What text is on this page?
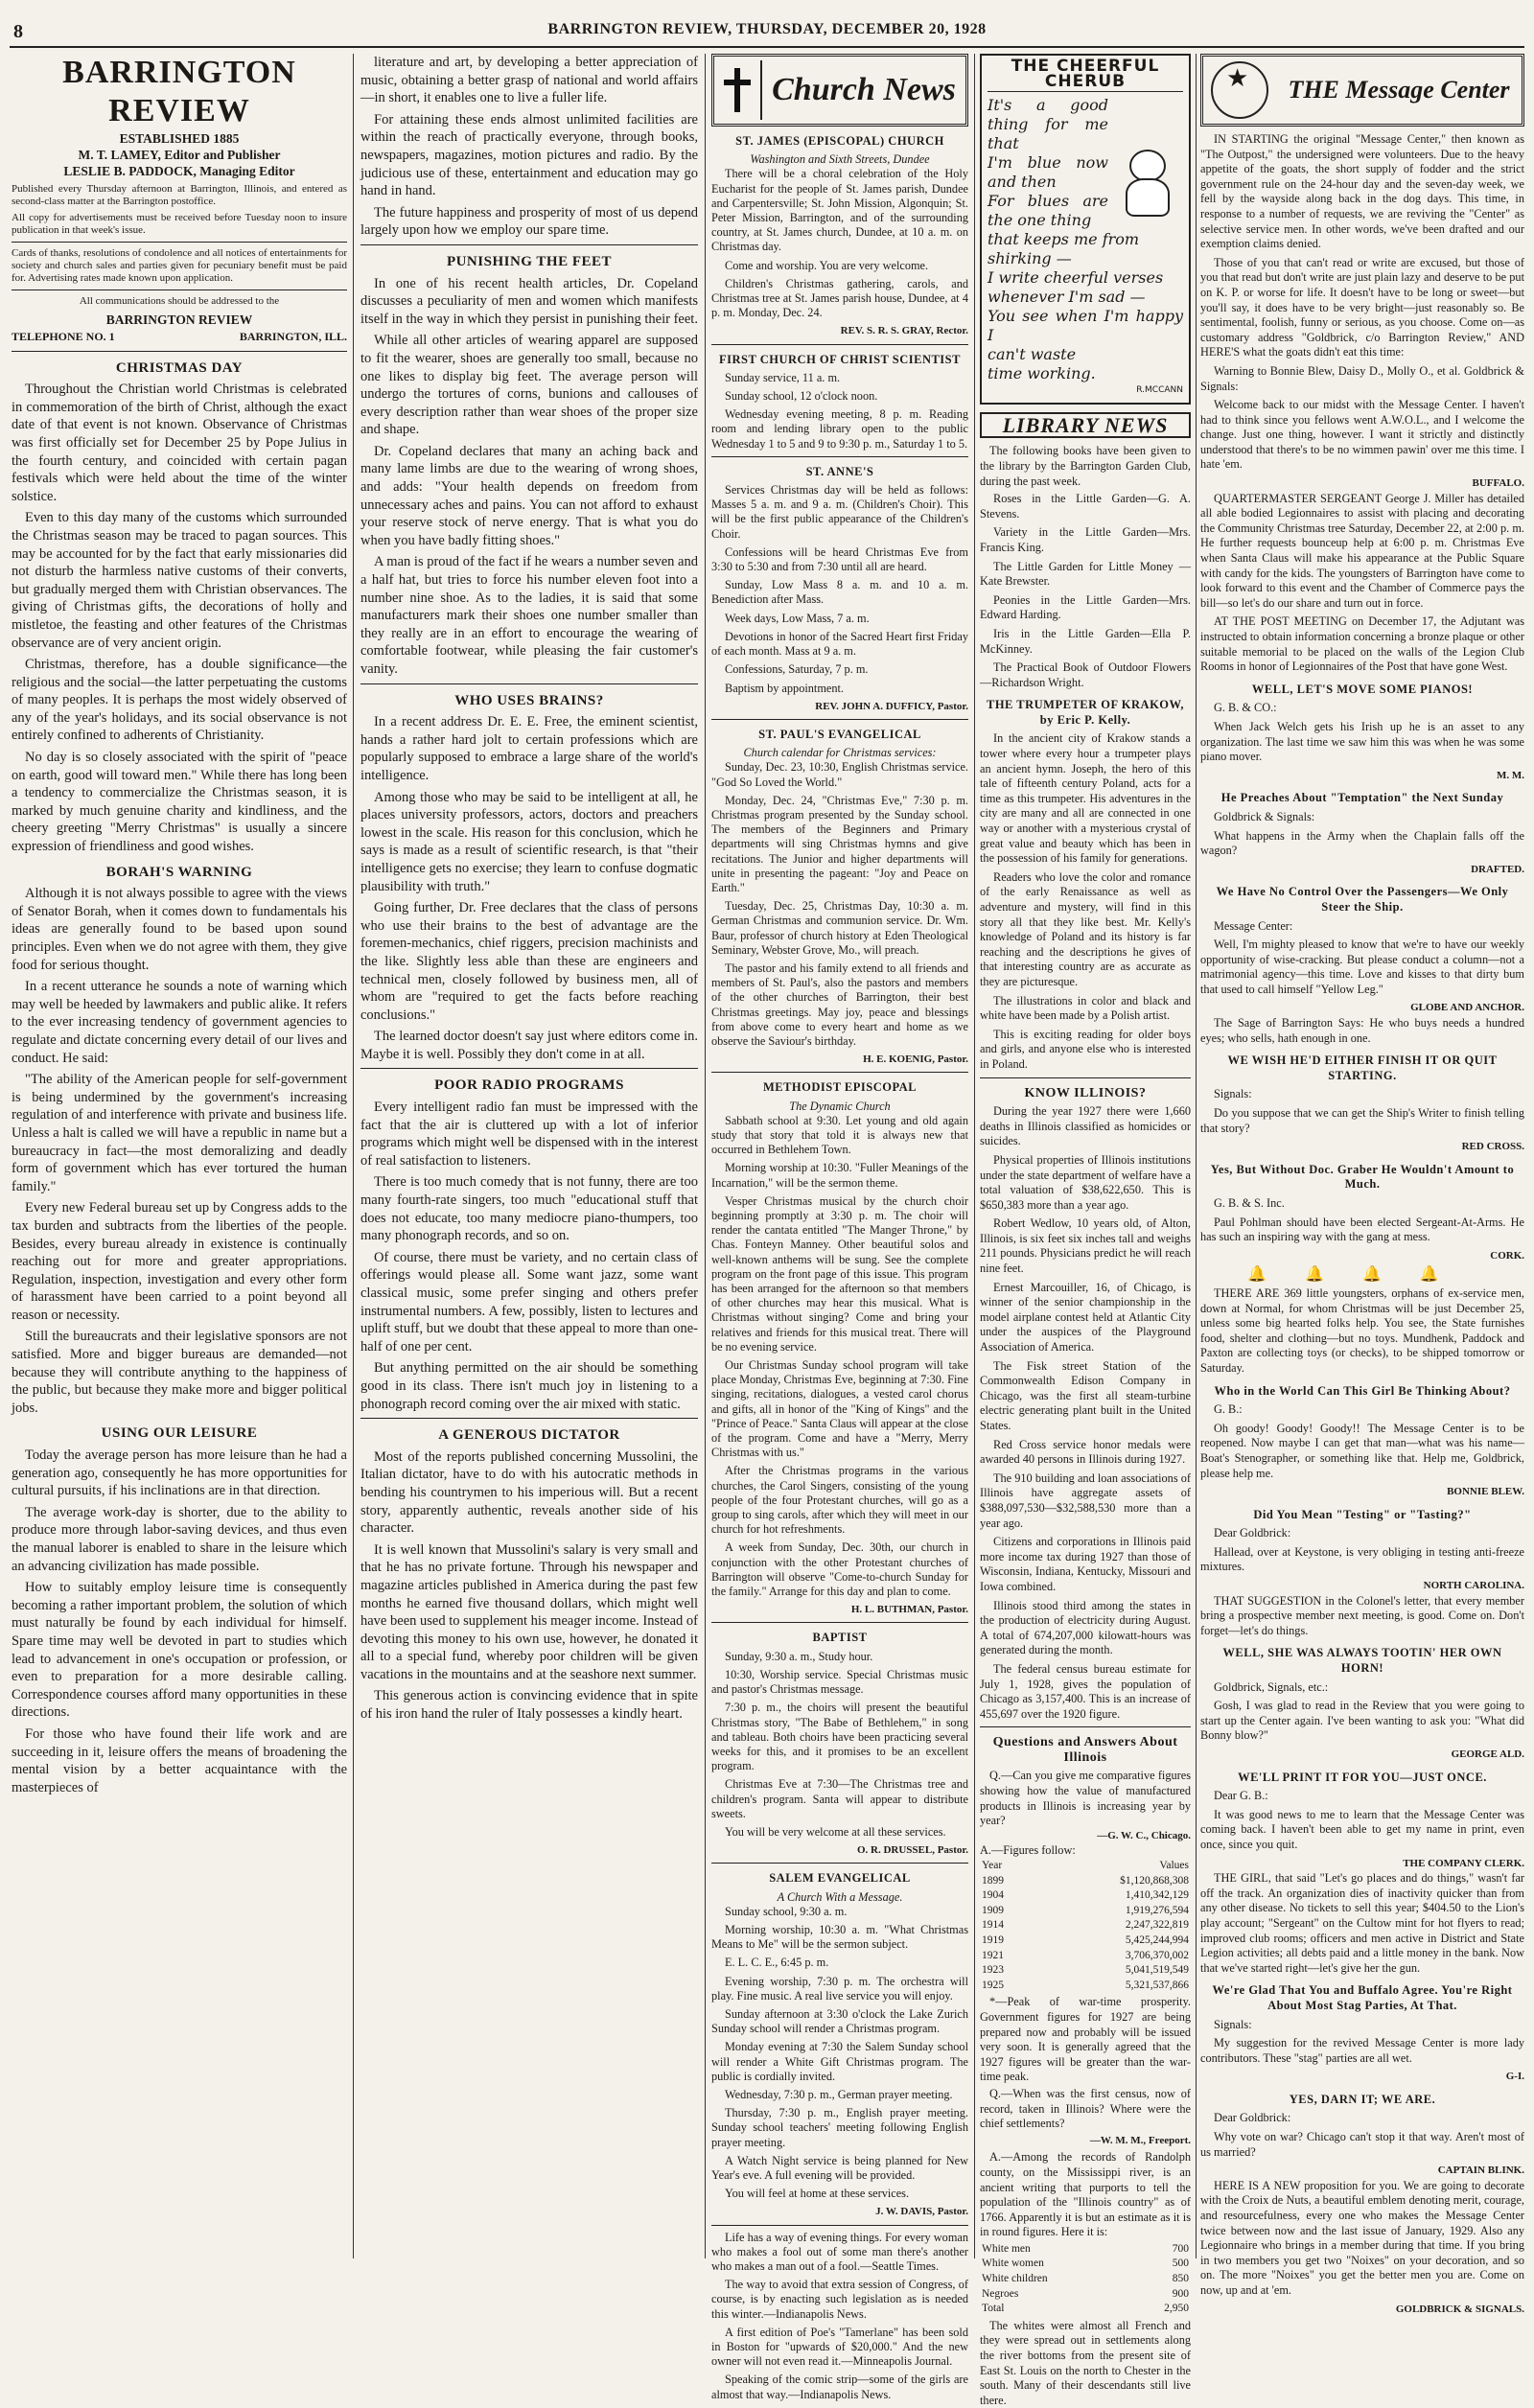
8	BARRINGTON REVIEW, THURSDAY, DECEMBER 20, 1928
BARRINGTON REVIEW
ESTABLISHED 1885
M. T. LAMEY, Editor and Publisher
LESLIE B. PADDOCK, Managing Editor
Published every Thursday afternoon at Barrington, Illinois, and entered as second-class matter at the Barrington postoffice.
All copy for advertisements must be received before Tuesday noon to insure publication in that week's issue.
Cards of thanks, resolutions of condolence and all notices of entertainments for society and church sales and parties given for pecuniary benefit must be paid for. Advertising rates made known upon application.
All communications should be addressed to the
BARRINGTON REVIEW
TELEPHONE NO. 1	BARRINGTON, ILL.
CHRISTMAS DAY

Throughout the Christian world Christmas is celebrated in commemoration of the birth of Christ, although the exact date of that event is not known. Observance of Christmas was first officially set for December 25 by Pope Julius in the fourth century, and coincided with certain pagan festivals which were held about the time of the winter solstice.

Even to this day many of the customs which surrounded the Christmas season may be traced to pagan sources. This may be accounted for by the fact that early missionaries did not disturb the harmless native customs of their converts, but gradually merged them with Christian observances. The giving of Christmas gifts, the decorations of holly and mistletoe, the feasting and other features of the Christmas observance are of very ancient origin.

Christmas, therefore, has a double significance—the religious and the social—the latter perpetuating the customs of many peoples. It is perhaps the most widely observed of any of the year's holidays, and its social observance is not entirely confined to adherents of Christianity.

No day is so closely associated with the spirit of "peace on earth, good will toward men." While there has long been a tendency to commercialize the Christmas season, it is marked by much genuine charity and kindliness, and the cheery greeting "Merry Christmas" is usually a sincere expression of friendliness and good wishes.

BORAH'S WARNING

Although it is not always possible to agree with the views of Senator Borah, when it comes down to fundamentals his ideas are generally found to be based upon sound principles. Even when we do not agree with them, they give food for serious thought.

In a recent utterance he sounds a note of warning which may well be heeded by lawmakers and public alike. It refers to the ever increasing tendency of government agencies to regulate and dictate concerning every detail of our lives and conduct. He said:

"The ability of the American people for self-government is being undermined by the government's increasing regulation of and interference with private and business life. Unless a halt is called we will have a republic in name but a bureaucracy in fact—the most demoralizing and deadly form of government which has ever tortured the human family."

Every new Federal bureau set up by Congress adds to the tax burden and subtracts from the liberties of the people. Besides, every bureau already in existence is continually reaching out for more and greater appropriations. Regulation, inspection, investigation and every other form of harassment have been carried to a point beyond all reason or necessity.

Still the bureaucrats and their legislative sponsors are not satisfied. More and bigger bureaus are demanded—not because they will contribute anything to the happiness of the public, but because they make more and bigger political jobs.

USING OUR LEISURE

Today the average person has more leisure than he had a generation ago, consequently he has more opportunities for cultural pursuits, if his inclinations are in that direction.

The average work-day is shorter, due to the ability to produce more through labor-saving devices, and thus even the manual laborer is enabled to share in the leisure which an advancing civilization has made possible.

How to suitably employ leisure time is consequently becoming a rather important problem, the solution of which must naturally be found by each individual for himself. Spare time may well be devoted in part to studies which lead to advancement in one's occupation or profession, or even to preparation for a more desirable calling. Correspondence courses afford many opportunities in these directions.

For those who have found their life work and are succeeding in it, leisure offers the means of broadening the mental vision by a better acquaintance with the masterpieces of

literature and art, by developing a better appreciation of music, obtaining a better grasp of national and world affairs—in short, it enables one to live a fuller life.

For attaining these ends almost unlimited facilities are within the reach of practically everyone, through books, newspapers, magazines, motion pictures and radio. By the judicious use of these, entertainment and education may go hand in hand.

The future happiness and prosperity of most of us depend largely upon how we employ our spare time.

PUNISHING THE FEET

In one of his recent health articles, Dr. Copeland discusses a peculiarity of men and women which manifests itself in the way in which they persist in punishing their feet.

While all other articles of wearing apparel are supposed to fit the wearer, shoes are generally too small, because no one likes to display big feet. The average person will undergo the tortures of corns, bunions and callouses of every description rather than wear shoes of the proper size and shape.

Dr. Copeland declares that many an aching back and many lame limbs are due to the wearing of wrong shoes, and adds: "Your health depends on freedom from unnecessary aches and pains. You can not afford to exhaust your reserve stock of nerve energy. That is what you do when you have badly fitting shoes."

A man is proud of the fact if he wears a number seven and a half hat, but tries to force his number eleven foot into a number nine shoe. As to the ladies, it is said that some manufacturers mark their shoes one number smaller than they really are in an effort to encourage the wearing of comfortable footwear, while pleasing the fair customer's vanity.

WHO USES BRAINS?

In a recent address Dr. E. E. Free, the eminent scientist, hands a rather hard jolt to certain professions which are popularly supposed to embrace a large share of the world's intelligence.

Among those who may be said to be intelligent at all, he places university professors, actors, doctors and preachers lowest in the scale. His reason for this conclusion, which he says is made as a result of scientific research, is that "their intelligence gets no exercise; they learn to confuse dogmatic plausibility with truth."

Going further, Dr. Free declares that the class of persons who use their brains to the best of advantage are the foremen-mechanics, chief riggers, precision machinists and the like. Slightly less able than these are engineers and technical men, closely followed by business men, all of whom are "required to get the facts before reaching conclusions."

The learned doctor doesn't say just where editors come in. Maybe it is well. Possibly they don't come in at all.

POOR RADIO PROGRAMS

Every intelligent radio fan must be impressed with the fact that the air is cluttered up with a lot of inferior programs which might well be dispensed with in the interest of real satisfaction to listeners.

There is too much comedy that is not funny, there are too many fourth-rate singers, too much "educational stuff that does not educate, too many mediocre piano-thumpers, too many phonograph records, and so on.

Of course, there must be variety, and no certain class of offerings would please all. Some want jazz, some want classical music, some prefer singing and others prefer instrumental numbers. A few, possibly, listen to lectures and uplift stuff, but we doubt that these appeal to more than one-half of one per cent.

But anything permitted on the air should be something good in its class. There isn't much joy in listening to a phonograph record coming over the air mixed with static.

A GENEROUS DICTATOR

Most of the reports published concerning Mussolini, the Italian dictator, have to do with his autocratic methods in bending his countrymen to his imperious will. But a recent story, apparently authentic, reveals another side of his character.

It is well known that Mussolini's salary is very small and that he has no private fortune. Through his newspaper and magazine articles published in America during the past few months he earned five thousand dollars, which might well have been used to supplement his meager income. Instead of devoting this money to his own use, however, he donated it all to a special fund, whereby poor children will be given vacations in the mountains and at the seashore next summer.

This generous action is convincing evidence that in spite of his iron hand the ruler of Italy possesses a kindly heart.

Church News
ST. JAMES (EPISCOPAL) CHURCH
Washington and Sixth Streets, Dundee

There will be a choral celebration of the Holy Eucharist for the people of St. James parish, Dundee and Carpentersville; St. John Mission, Algonquin; St. Peter Mission, Barrington, and of the surrounding country, at St. James church, Dundee, at 10 a. m. on Christmas day.

Come and worship. You are very welcome.

Children's Christmas gathering, carols, and Christmas tree at St. James parish house, Dundee, at 4 p. m. Monday, Dec. 24.

REV. S. R. S. GRAY, Rector.
FIRST CHURCH OF CHRIST SCIENTIST

Sunday service, 11 a. m.

Sunday school, 12 o'clock noon.

Wednesday evening meeting, 8 p. m. Reading room and lending library open to the public Wednesday 1 to 5 and 9 to 9:30 p. m., Saturday 1 to 5.

ST. ANNE'S

Services Christmas day will be held as follows: Masses 5 a. m. and 9 a. m. (Children's Choir). This will be the first public appearance of the Children's Choir.

Confessions will be heard Christmas Eve from 3:30 to 5:30 and from 7:30 until all are heard.

Sunday, Low Mass 8 a. m. and 10 a. m. Benediction after Mass.

Week days, Low Mass, 7 a. m.

Devotions in honor of the Sacred Heart first Friday of each month. Mass at 9 a. m.

Confessions, Saturday, 7 p. m.

Baptism by appointment.

REV. JOHN A. DUFFICY, Pastor.
ST. PAUL'S EVANGELICAL
Church calendar for Christmas services:

Sunday, Dec. 23, 10:30, English Christmas service. "God So Loved the World."

Monday, Dec. 24, "Christmas Eve," 7:30 p. m. Christmas program presented by the Sunday school. The members of the Beginners and Primary departments will sing Christmas hymns and give recitations. The Junior and higher departments will unite in presenting the pageant: "Joy and Peace on Earth."

Tuesday, Dec. 25, Christmas Day, 10:30 a. m. German Christmas and communion service. Dr. Wm. Baur, professor of church history at Eden Theological Seminary, Webster Grove, Mo., will preach.

The pastor and his family extend to all friends and members of St. Paul's, also the pastors and members of the other churches of Barrington, their best Christmas greetings. May joy, peace and blessings from above come to every heart and home as we observe the Saviour's birthday.

H. E. KOENIG, Pastor.
METHODIST EPISCOPAL
The Dynamic Church

Sabbath school at 9:30. Let young and old again study that story that told it is always new that occurred in Bethlehem Town.

Morning worship at 10:30. "Fuller Meanings of the Incarnation," will be the sermon theme.

Vesper Christmas musical by the church choir beginning promptly at 3:30 p. m. The choir will render the cantata entitled "The Manger Throne," by Chas. Fonteyn Manney. Other beautiful solos and well-known anthems will be sung. See the complete program on the front page of this issue. This program has been arranged for the afternoon so that members of other churches may hear this musical. What is Christmas without singing? Come and bring your relatives and friends for this musical treat. There will be no evening service.

Our Christmas Sunday school program will take place Monday, Christmas Eve, beginning at 7:30. Fine singing, recitations, dialogues, a vested carol chorus and gifts, all in honor of the "King of Kings" and the "Prince of Peace." Santa Claus will appear at the close of the program. Come and have a "Merry, Merry Christmas with us."

After the Christmas programs in the various churches, the Carol Singers, consisting of the young people of the four Protestant churches, will go as a group to sing carols, after which they will meet in our church for hot refreshments.

A week from Sunday, Dec. 30th, our church in conjunction with the other Protestant churches of Barrington will observe "Come-to-church Sunday for the family." Arrange for this day and plan to come.

H. L. BUTHMAN, Pastor.
BAPTIST

Sunday, 9:30 a. m., Study hour.

10:30, Worship service. Special Christmas music and pastor's Christmas message.

7:30 p. m., the choirs will present the beautiful Christmas story, "The Babe of Bethlehem," in song and tableau. Both choirs have been practicing several weeks for this, and it promises to be an excellent program.

Christmas Eve at 7:30—The Christmas tree and children's program. Santa will appear to distribute sweets.

You will be very welcome at all these services.

O. R. DRUSSEL, Pastor.
SALEM EVANGELICAL
A Church With a Message.

Sunday school, 9:30 a. m.

Morning worship, 10:30 a. m. "What Christmas Means to Me" will be the sermon subject.

E. L. C. E., 6:45 p. m.

Evening worship, 7:30 p. m. The orchestra will play. Fine music. A real live service you will enjoy.

Sunday afternoon at 3:30 o'clock the Lake Zurich Sunday school will render a Christmas program.

Monday evening at 7:30 the Salem Sunday school will render a White Gift Christmas program. The public is cordially invited.

Wednesday, 7:30 p. m., German prayer meeting.

Thursday, 7:30 p. m., English prayer meeting. Sunday school teachers' meeting following English prayer meeting.

A Watch Night service is being planned for New Year's eve. A full evening will be provided.

You will feel at home at these services.

J. W. DAVIS, Pastor.

Life has a way of evening things. For every woman who makes a fool out of some man there's another who makes a man out of a fool.—Seattle Times.

The way to avoid that extra session of Congress, of course, is by enacting such legislation as is needed this winter.—Indianapolis News.

A first edition of Poe's "Tamerlane" has been sold in Boston for "upwards of $20,000." And the new owner will not even read it.—Minneapolis Journal.

Speaking of the comic strip—some of the girls are almost that way.—Indianapolis News.

THE CHEERFUL CHERUB
It's a good thing for me that
I'm blue now and then
For blues are the one thing
that keeps me from
shirking —
I write cheerful verses
whenever I'm sad —
You see when I'm happy I
can't waste
time working.
R.MCCANN
LIBRARY NEWS

The following books have been given to the library by the Barrington Garden Club, during the past week.

Roses in the Little Garden—G. A. Stevens.

Variety in the Little Garden—Mrs. Francis King.

The Little Garden for Little Money —Kate Brewster.

Peonies in the Little Garden—Mrs. Edward Harding.

Iris in the Little Garden—Ella P. McKinney.

The Practical Book of Outdoor Flowers—Richardson Wright.

THE TRUMPETER OF KRAKOW, by Eric P. Kelly.

In the ancient city of Krakow stands a tower where every hour a trumpeter plays an ancient hymn. Joseph, the hero of this tale of fifteenth century Poland, acts for a time as this trumpeter. His adventures in the city are many and all are connected in one way or another with a mysterious crystal of great value and beauty which has been in the possession of his family for generations.

Readers who love the color and romance of the early Renaissance as well as adventure and mystery, will find in this story all that they like best. Mr. Kelly's knowledge of Poland and its history is far reaching and the descriptions he gives of that interesting country are as accurate as they are picturesque.

The illustrations in color and black and white have been made by a Polish artist.

This is exciting reading for older boys and girls, and anyone else who is interested in Poland.

KNOW ILLINOIS?

During the year 1927 there were 1,660 deaths in Illinois classified as homicides or suicides.

Physical properties of Illinois institutions under the state department of welfare have a total valuation of $38,622,650. This is $650,383 more than a year ago.

Robert Wedlow, 10 years old, of Alton, Illinois, is six feet six inches tall and weighs 211 pounds. Physicians predict he will reach nine feet.

Ernest Marcouiller, 16, of Chicago, is winner of the senior championship in the model airplane contest held at Atlantic City under the auspices of the Playground Association of America.

The Fisk street Station of the Commonwealth Edison Company in Chicago, was the first all steam-turbine electric generating plant built in the United States.

Red Cross service honor medals were awarded 40 persons in Illinois during 1927.

The 910 building and loan associations of Illinois have aggregate assets of $388,097,530—$32,588,530 more than a year ago.

Citizens and corporations in Illinois paid more income tax during 1927 than those of Wisconsin, Indiana, Kentucky, Missouri and Iowa combined.

Illinois stood third among the states in the production of electricity during August. A total of 674,207,000 kilowatt-hours was generated during the month.

The federal census bureau estimate for July 1, 1928, gives the population of Chicago as 3,157,400. This is an increase of 455,697 over the 1920 figure.

Questions and Answers About Illinois

Q.—Can you give me comparative figures showing how the value of manufactured products in Illinois is increasing year by year?

—G. W. C., Chicago.
A.—Figures follow:
Year	Values
1899	$1,120,868,308
1904	1,410,342,129
1909	1,919,276,594
1914	2,247,322,819
1919	5,425,244,994
1921	3,706,370,002
1923	5,041,519,549
1925	5,321,537,866

*—Peak of war-time prosperity. Government figures for 1927 are being prepared now and probably will be issued very soon. It is generally agreed that the 1927 figures will be greater than the war-time peak.

Q.—When was the first census, now of record, taken in Illinois? Where were the chief settlements?

—W. M. M., Freeport.

A.—Among the records of Randolph county, on the Mississippi river, is an ancient writing that purports to tell the population of the "Illinois country" as of 1766. Apparently it is but an estimate as it is in round figures. Here it is:

White men	700
White women	500
White children	850
Negroes	900
Total	2,950

The whites were almost all French and they were spread out in settlements along the river bottoms from the present site of East St. Louis on the north to Chester in the south. Many of their descendants still live there.

★
THE Message Center

IN STARTING the original "Message Center," then known as "The Outpost," the undersigned were volunteers. Due to the heavy appetite of the goats, the short supply of fodder and the strict government rule on the 24-hour day and the seven-day week, we fell by the wayside along back in the dog days. This time, in response to a number of requests, we are reviving the "Center" as selective service men. In other words, we've been drafted and our exemption claims denied.

Those of you that can't read or write are excused, but those of you that read but don't write are just plain lazy and deserve to be put on K. P. or worse for life. It doesn't have to be long or sweet—but you'll say, it does have to be very bright—just reasonably so. Be sentimental, foolish, funny or serious, as you choose. Come on—as customary address "Goldbrick, c/o Barrington Review," AND HERE'S what the goats didn't eat this time:

Warning to Bonnie Blew, Daisy D., Molly O., et al. Goldbrick & Signals:

Welcome back to our midst with the Message Center. I haven't had to think since you fellows went A.W.O.L., and I welcome the change. Just one thing, however. I want it strictly and distinctly understood that there's to be no wimmen pawin' over me this time. I hate 'em.

BUFFALO.

QUARTERMASTER SERGEANT George J. Miller has detailed all able bodied Legionnaires to assist with placing and decorating the Community Christmas tree Saturday, December 22, at 2:00 p. m. He further requests bounceup help at 6:00 p. m. Christmas Eve when Santa Claus will make his appearance at the Public Square with candy for the kids. The youngsters of Barrington have come to look forward to this event and the Chamber of Commerce pays the bill—so let's do our share and turn out in force.

AT THE POST MEETING on December 17, the Adjutant was instructed to obtain information concerning a bronze plaque or other suitable memorial to be placed on the walls of the Legion Club Rooms in honor of Legionnaires of the Post that have gone West.

WELL, LET'S MOVE SOME PIANOS!

G. B. & CO.:

When Jack Welch gets his Irish up he is an asset to any organization. The last time we saw him this was when he was some piano mover.

M. M.
He Preaches About "Temptation" the Next Sunday

Goldbrick & Signals:

What happens in the Army when the Chaplain falls off the wagon?

DRAFTED.
We Have No Control Over the Passengers—We Only Steer the Ship.

Message Center:

Well, I'm mighty pleased to know that we're to have our weekly opportunity of wise-cracking. But please conduct a column—not a matrimonial agency—this time. Love and kisses to that dirty bum that used to call himself "Yellow Leg."

GLOBE AND ANCHOR.

The Sage of Barrington Says: He who buys needs a hundred eyes; who sells, hath enough in one.

WE WISH HE'D EITHER FINISH IT OR QUIT STARTING.

Signals:

Do you suppose that we can get the Ship's Writer to finish telling that story?

RED CROSS.
Yes, But Without Doc. Graber He Wouldn't Amount to Much.

G. B. & S. Inc.

Paul Pohlman should have been elected Sergeant-At-Arms. He has such an inspiring way with the gang at mess.

CORK.
🔔🔔🔔🔔

THERE ARE 369 little youngsters, orphans of ex-service men, down at Normal, for whom Christmas will be just December 25, unless some big hearted folks help. You see, the State furnishes food, shelter and clothing—but no toys. Mundhenk, Paddock and Paxton are collecting toys (or checks), to be shipped tomorrow or Saturday.

Who in the World Can This Girl Be Thinking About?

G. B.:

Oh goody! Goody! Goody!! The Message Center is to be reopened. Now maybe I can get that man—what was his name—Boat's Stenographer, or something like that. Help me, Goldbrick, please help me.

BONNIE BLEW.
Did You Mean "Testing" or "Tasting?"

Dear Goldbrick:

Hallead, over at Keystone, is very obliging in testing anti-freeze mixtures.

NORTH CAROLINA.

THAT SUGGESTION in the Colonel's letter, that every member bring a prospective member next meeting, is good. Come on. Don't forget—let's do things.

WELL, SHE WAS ALWAYS TOOTIN' HER OWN HORN!

Goldbrick, Signals, etc.:

Gosh, I was glad to read in the Review that you were going to start up the Center again. I've been wanting to ask you: "What did Bonny blow?"

GEORGE ALD.
WE'LL PRINT IT FOR YOU—JUST ONCE.

Dear G. B.:

It was good news to me to learn that the Message Center was coming back. I haven't been able to get my name in print, even once, since you quit.

THE COMPANY CLERK.

THE GIRL, that said "Let's go places and do things," wasn't far off the track. An organization dies of inactivity quicker than from any other disease. No tickets to sell this year; $404.50 to the Lion's play account; "Sergeant" on the Cultow mint for hot flyers to read; improved club rooms; officers and men active in District and State Legion activities; all debts paid and a little money in the bank. Now that we've started right—let's give her the gun.

We're Glad That You and Buffalo Agree. You're Right About Most Stag Parties, At That.

Signals:

My suggestion for the revived Message Center is more lady contributors. These "stag" parties are all wet.

G-I.
YES, DARN IT; WE ARE.

Dear Goldbrick:

Why vote on war? Chicago can't stop it that way. Aren't most of us married?

CAPTAIN BLINK.

HERE IS A NEW proposition for you. We are going to decorate with the Croix de Nuts, a beautiful emblem denoting merit, courage, and resourcefulness, every one who makes the Message Center twice between now and the last issue of January, 1929. Also any Legionnaire who brings in a member during that time. If you bring in two members you get two "Noixes" on your decoration, and so on. The more "Noixes" you get the better men you are. Come on now, up and at 'em.

GOLDBRICK & SIGNALS.
